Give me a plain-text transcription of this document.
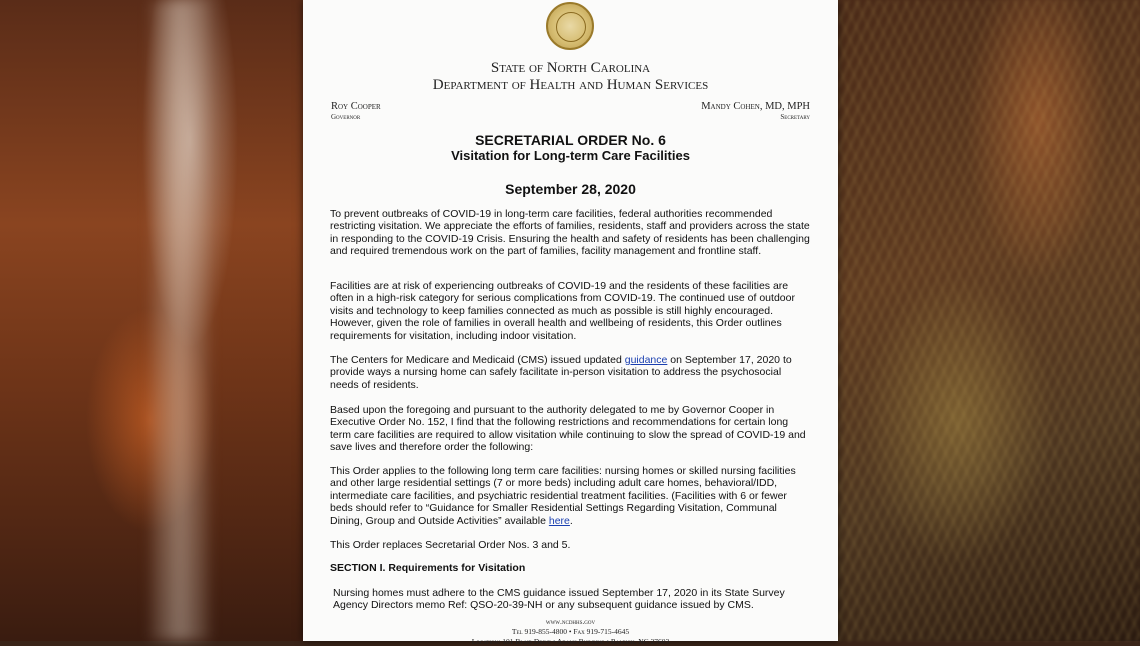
State of North Carolina
Department of Health and Human Services
Roy Cooper
Governor
Mandy Cohen, MD, MPH
Secretary
SECRETARIAL ORDER No. 6
Visitation for Long-term Care Facilities
September 28, 2020

To prevent outbreaks of COVID-19 in long-term care facilities, federal authorities recommended restricting visitation. We appreciate the efforts of families, residents, staff and providers across the state in responding to the COVID-19 Crisis. Ensuring the health and safety of residents has been challenging and required tremendous work on the part of families, facility management and frontline staff.

Facilities are at risk of experiencing outbreaks of COVID-19 and the residents of these facilities are often in a high-risk category for serious complications from COVID-19. The continued use of outdoor visits and technology to keep families connected as much as possible is still highly encouraged. However, given the role of families in overall health and wellbeing of residents, this Order outlines requirements for visitation, including indoor visitation.

The Centers for Medicare and Medicaid (CMS) issued updated guidance on September 17, 2020 to provide ways a nursing home can safely facilitate in-person visitation to address the psychosocial needs of residents.

Based upon the foregoing and pursuant to the authority delegated to me by Governor Cooper in Executive Order No. 152, I find that the following restrictions and recommendations for certain long term care facilities are required to allow visitation while continuing to slow the spread of COVID-19 and save lives and therefore order the following:

This Order applies to the following long term care facilities: nursing homes or skilled nursing facilities and other large residential settings (7 or more beds) including adult care homes, behavioral/IDD, intermediate care facilities, and psychiatric residential treatment facilities. (Facilities with 6 or fewer beds should refer to “Guidance for Smaller Residential Settings Regarding Visitation, Communal Dining, Group and Outside Activities” available here.

This Order replaces Secretarial Order Nos. 3 and 5.

SECTION I. Requirements for Visitation

Nursing homes must adhere to the CMS guidance issued September 17, 2020 in its State Survey Agency Directors memo Ref: QSO-20-39-NH or any subsequent guidance issued by CMS.

www.ncdhhs.gov
Tel 919-855-4800 • Fax 919-715-4645
Location: 101 Blair Drive • Adams Building • Raleigh, NC 27603
